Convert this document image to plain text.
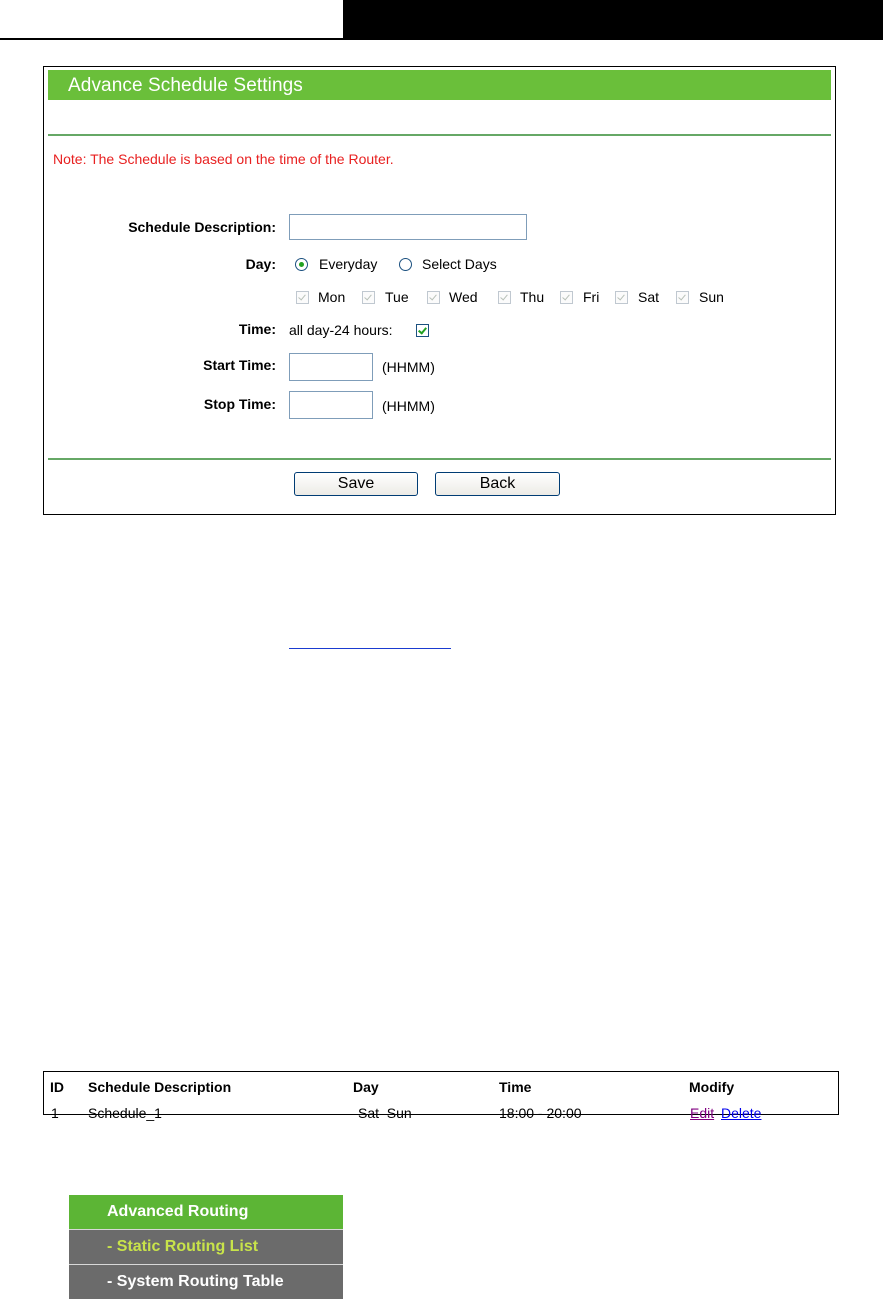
Advance Schedule Settings
Note: The Schedule is based on the time of the Router.
Schedule Description:
Day:	Everyday	Select Days
Mon	Tue	Wed	Thu	Fri	Sat	Sun
Time: all day-24 hours:
Start Time:	(HHMM)
Stop Time:	(HHMM)
Save	Back
ID Schedule Description	Day	Time	Modify
1 Schedule_1	Sat  Sun	18:00 - 20:00	Edit Delete
Advanced Routing
- Static Routing List
- System Routing Table
